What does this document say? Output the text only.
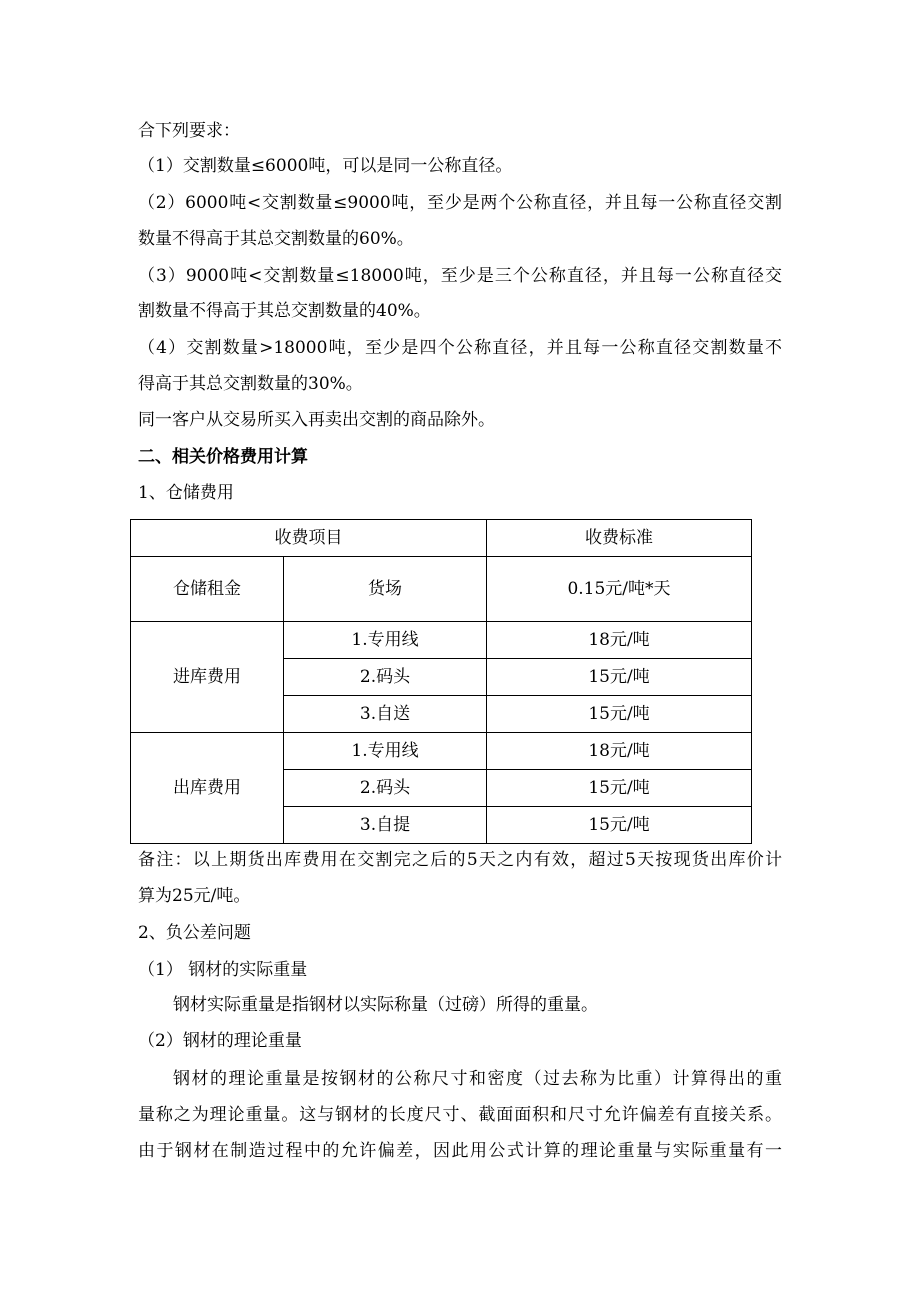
合下列要求：
（1）交割数量≤6000吨，可以是同一公称直径。
（2）6000吨<交割数量≤9000吨，至少是两个公称直径，并且每一公称直径交割
数量不得高于其总交割数量的60%。
（3）9000吨<交割数量≤18000吨，至少是三个公称直径，并且每一公称直径交
割数量不得高于其总交割数量的40%。
（4）交割数量>18000吨，至少是四个公称直径，并且每一公称直径交割数量不
得高于其总交割数量的30%。
同一客户从交易所买入再卖出交割的商品除外。
二、相关价格费用计算
1、仓储费用
收费项目		收费标准
仓储租金	货场	0.15元/吨*天
进库费用	1.专用线	18元/吨
	2.码头	15元/吨
	3.自送	15元/吨
出库费用	1.专用线	18元/吨
	2.码头	15元/吨
	3.自提	15元/吨
备注：以上期货出库费用在交割完之后的5天之内有效，超过5天按现货出库价计
算为25元/吨。
2、负公差问题
（1） 钢材的实际重量
钢材实际重量是指钢材以实际称量（过磅）所得的重量。
（2）钢材的理论重量
钢材的理论重量是按钢材的公称尺寸和密度（过去称为比重）计算得出的重
量称之为理论重量。这与钢材的长度尺寸、截面面积和尺寸允许偏差有直接关系。
由于钢材在制造过程中的允许偏差，因此用公式计算的理论重量与实际重量有一
